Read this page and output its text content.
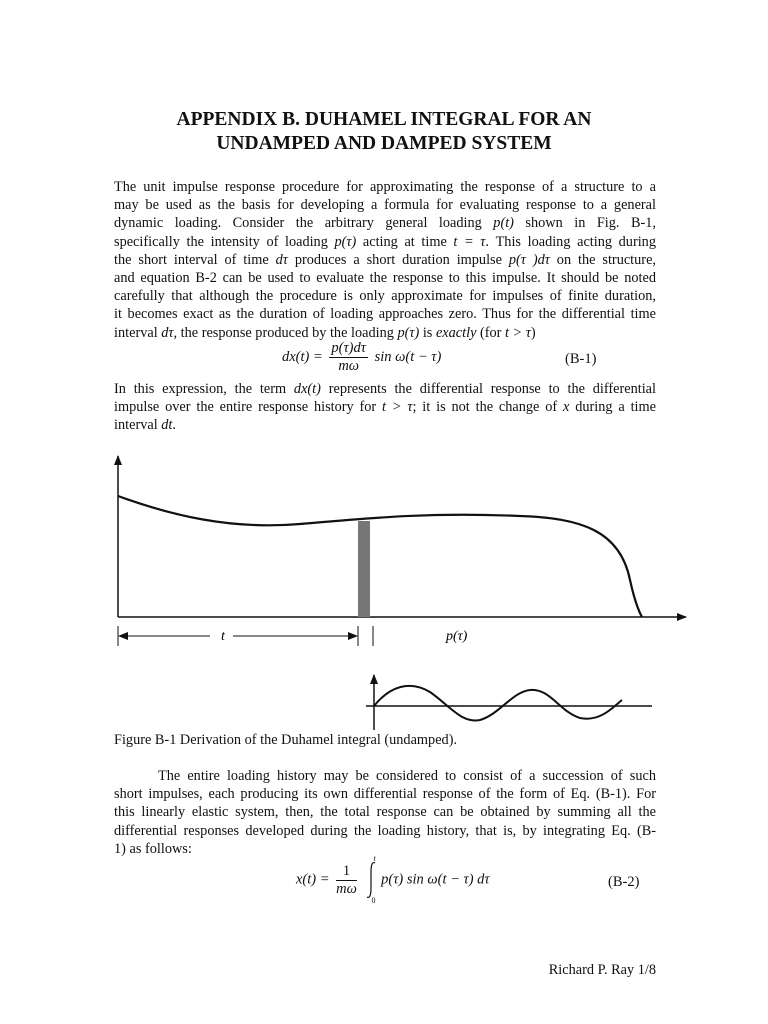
APPENDIX B. DUHAMEL INTEGRAL FOR AN
UNDAMPED AND DAMPED SYSTEM
The unit impulse response procedure for approximating the response of a structure to a
may be used as the basis for developing a formula for evaluating response to a general
dynamic loading. Consider the arbitrary general loading p(t) shown in Fig. B-1,
specifically the intensity of loading p(τ) acting at time t = τ. This loading acting during
the short interval of time dτ produces a short duration impulse p(τ )dτ on the structure,
and equation B-2 can be used to evaluate the response to this impulse. It should be noted
carefully that although the procedure is only approximate for impulses of finite duration,
it becomes exact as the duration of loading approaches zero. Thus for the differential time
interval dτ, the response produced by the loading p(τ) is exactly (for t > τ)
$dx(t) = \frac{p(\tau)d\tau}{m\omega}$ sin ω(t − τ)	(B-1)
In this expression, the term dx(t) represents the differential response to the differential
impulse over the entire response history for t > τ; it is not the change of x during a time
interval dt.
t	p(τ)
Figure B-1 Derivation of the Duhamel integral (undamped).
The entire loading history may be considered to consist of a succession of such
short impulses, each producing its own differential response of the form of Eq. (B-1). For
this linearly elastic system, then, the total response can be obtained by summing all the
differential responses developed during the loading history, that is, by integrating Eq. (B-
1) as follows:
$x(t) = \frac{1}{m\omega}$

t
0
p(τ) sin ω(t − τ) dτ	(B-2)
Richard P. Ray 1/8
